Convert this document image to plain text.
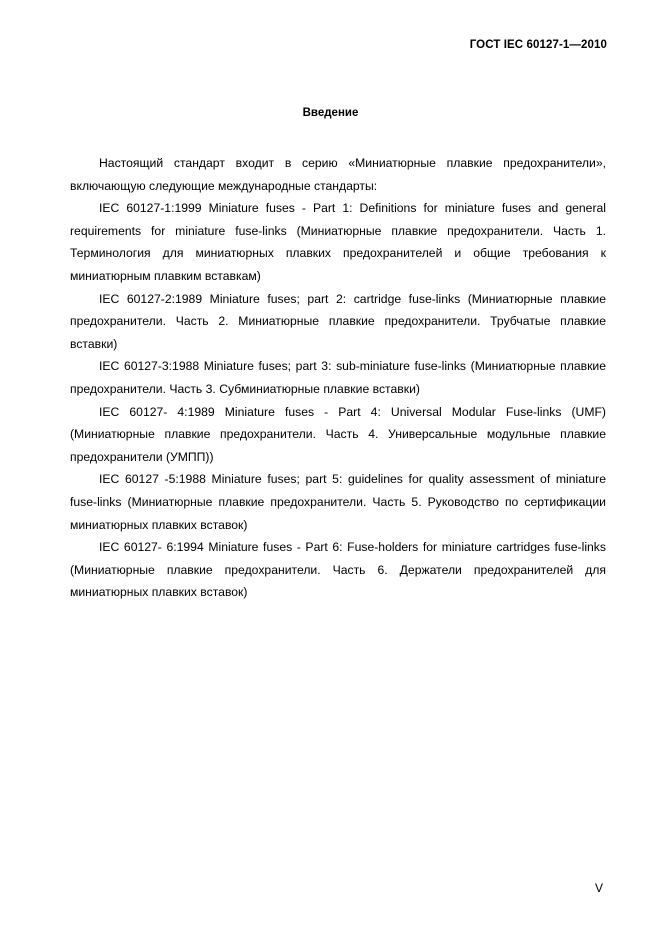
ГОСТ IEC 60127-1—2010
Введение

Настоящий стандарт входит в серию «Миниатюрные плавкие предохранители», включающую следующие международные стандарты:

IEC 60127-1:1999 Miniature fuses - Part 1: Definitions for miniature fuses and general requirements for miniature fuse-links (Миниатюрные плавкие предохранители. Часть 1. Терминология для миниатюрных плавких предохранителей и общие требования к миниатюрным плавким вставкам)

IEC 60127-2:1989 Miniature fuses; part 2: cartridge fuse-links (Миниатюрные плавкие предохранители. Часть 2. Миниатюрные плавкие предохранители. Трубчатые плавкие вставки)

IEC 60127-3:1988 Miniature fuses; part 3: sub-miniature fuse-links (Миниатюрные плавкие предохранители. Часть 3. Субминиатюрные плавкие вставки)

IEC 60127- 4:1989 Miniature fuses - Part 4: Universal Modular Fuse-links (UMF) (Миниатюрные плавкие предохранители. Часть 4. Универсальные модульные плавкие предохранители (УМПП))

IEC 60127 -5:1988 Miniature fuses; part 5: guidelines for quality assessment of miniature fuse-links (Миниатюрные плавкие предохранители. Часть 5. Руководство по сертификации миниатюрных плавких вставок)

IEC 60127- 6:1994 Miniature fuses - Part 6: Fuse-holders for miniature cartridges fuse-links (Миниатюрные плавкие предохранители. Часть 6. Держатели предохранителей для миниатюрных плавких вставок)

V
